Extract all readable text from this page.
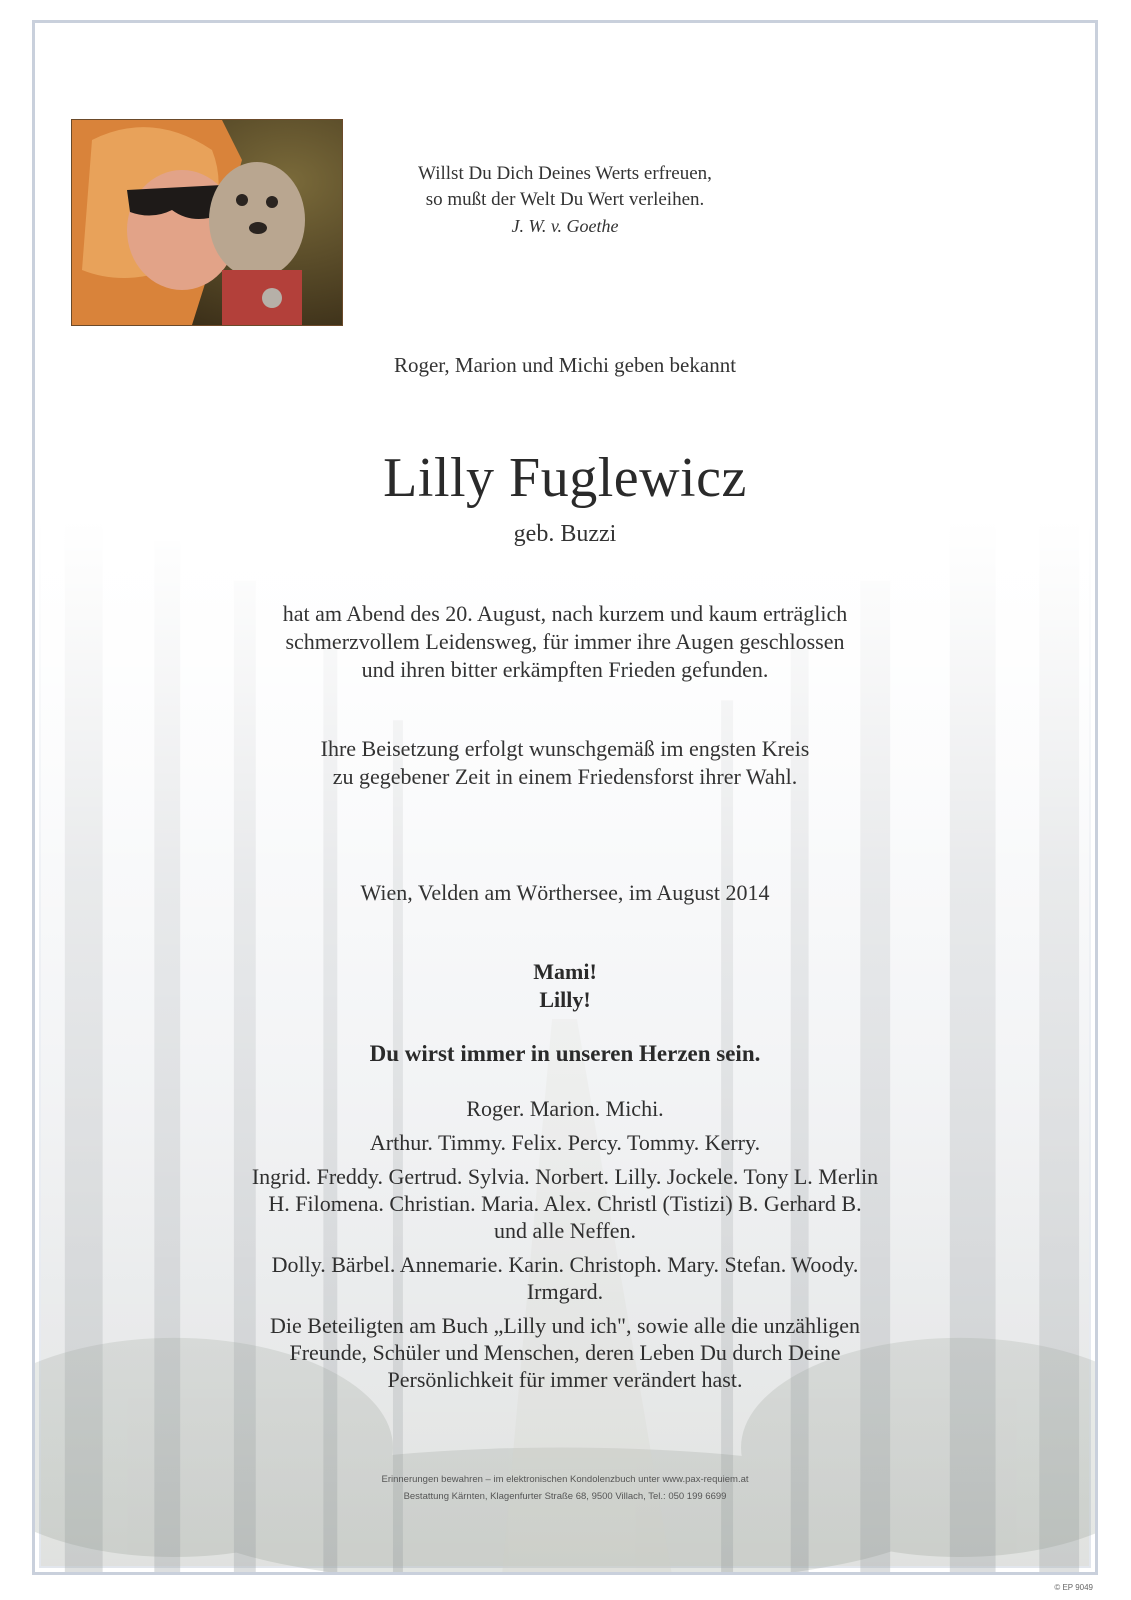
Willst Du Dich Deines Werts erfreuen,
so mußt der Welt Du Wert verleihen.
J. W. v. Goethe
Roger, Marion und Michi geben bekannt
Lilly Fuglewicz
geb. Buzzi
hat am Abend des 20. August, nach kurzem und kaum erträglich
schmerzvollem Leidensweg, für immer ihre Augen geschlossen
und ihren bitter erkämpften Frieden gefunden.
Ihre Beisetzung erfolgt wunschgemäß im engsten Kreis
zu gegebener Zeit in einem Friedensforst ihrer Wahl.
Wien, Velden am Wörthersee, im August 2014
Mami!
Lilly!
Du wirst immer in unseren Herzen sein.
Roger. Marion. Michi.
Arthur. Timmy. Felix. Percy. Tommy. Kerry.
Ingrid. Freddy. Gertrud. Sylvia. Norbert. Lilly. Jockele. Tony L. Merlin
H. Filomena. Christian. Maria. Alex. Christl (Tistizi) B. Gerhard B.
und alle Neffen.
Dolly. Bärbel. Annemarie. Karin. Christoph. Mary. Stefan. Woody.
Irmgard.
Die Beteiligten am Buch „Lilly und ich", sowie alle die unzähligen
Freunde, Schüler und Menschen, deren Leben Du durch Deine
Persönlichkeit für immer verändert hast.
Erinnerungen bewahren – im elektronischen Kondolenzbuch unter www.pax-requiem.at
Bestattung Kärnten, Klagenfurter Straße 68, 9500 Villach, Tel.: 050 199 6699
© EP 9049
